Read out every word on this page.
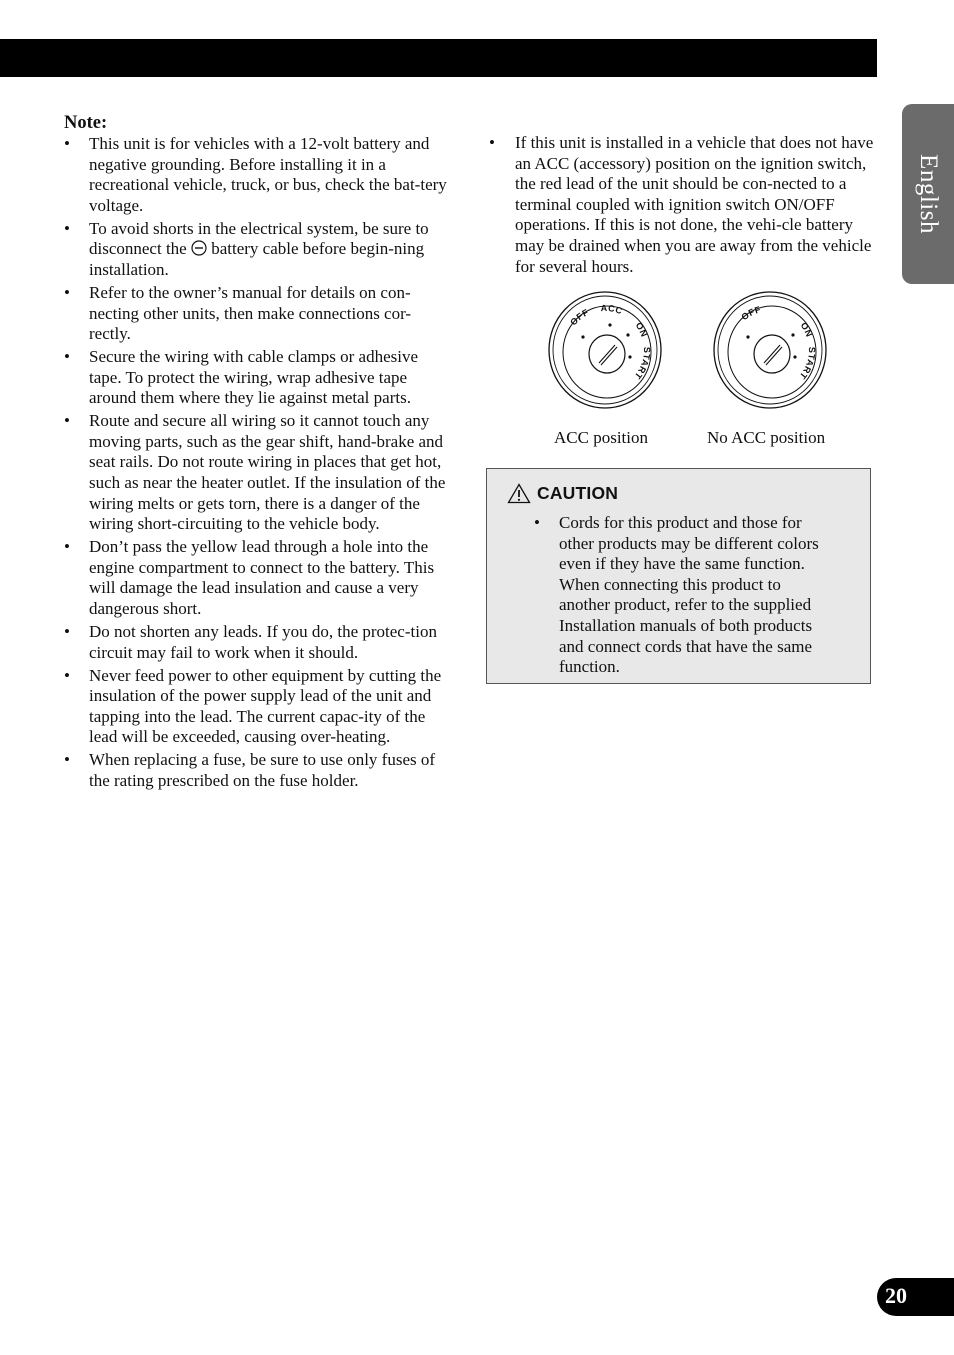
English
Note:
• This unit is for vehicles with a 12-volt battery and negative grounding. Before installing it in a recreational vehicle, truck, or bus, check the bat-tery voltage.
• To avoid shorts in the electrical system, be sure to disconnect the  battery cable before begin-ning installation.
• Refer to the owner’s manual for details on con-necting other units, then make connections cor-rectly.
• Secure the wiring with cable clamps or adhesive tape. To protect the wiring, wrap adhesive tape around them where they lie against metal parts.
• Route and secure all wiring so it cannot touch any moving parts, such as the gear shift, hand-brake and seat rails. Do not route wiring in places that get hot, such as near the heater outlet. If the insulation of the wiring melts or gets torn, there is a danger of the wiring short-circuiting to the vehicle body.
• Don’t pass the yellow lead through a hole into the engine compartment to connect to the battery. This will damage the lead insulation and cause a very dangerous short.
• Do not shorten any leads. If you do, the protec-tion circuit may fail to work when it should.
• Never feed power to other equipment by cutting the insulation of the power supply lead of the unit and tapping into the lead. The current capac-ity of the lead will be exceeded, causing over-heating.
• When replacing a fuse, be sure to use only fuses of the rating prescribed on the fuse holder.
• If this unit is installed in a vehicle that does not have an ACC (accessory) position on the ignition switch, the red lead of the unit should be con-nected to a terminal coupled with ignition switch ON/OFF operations. If this is not done, the vehi-cle battery may be drained when you are away from the vehicle for several hours.
OFF ACC
ON
START
OFF
ON
START
ACC position	No ACC position
CAUTION
• Cords for this product and those for other products may be different colors even if they have the same function. When connecting this product to another product, refer to the supplied Installation manuals of both products and connect cords that have the same function.
20
